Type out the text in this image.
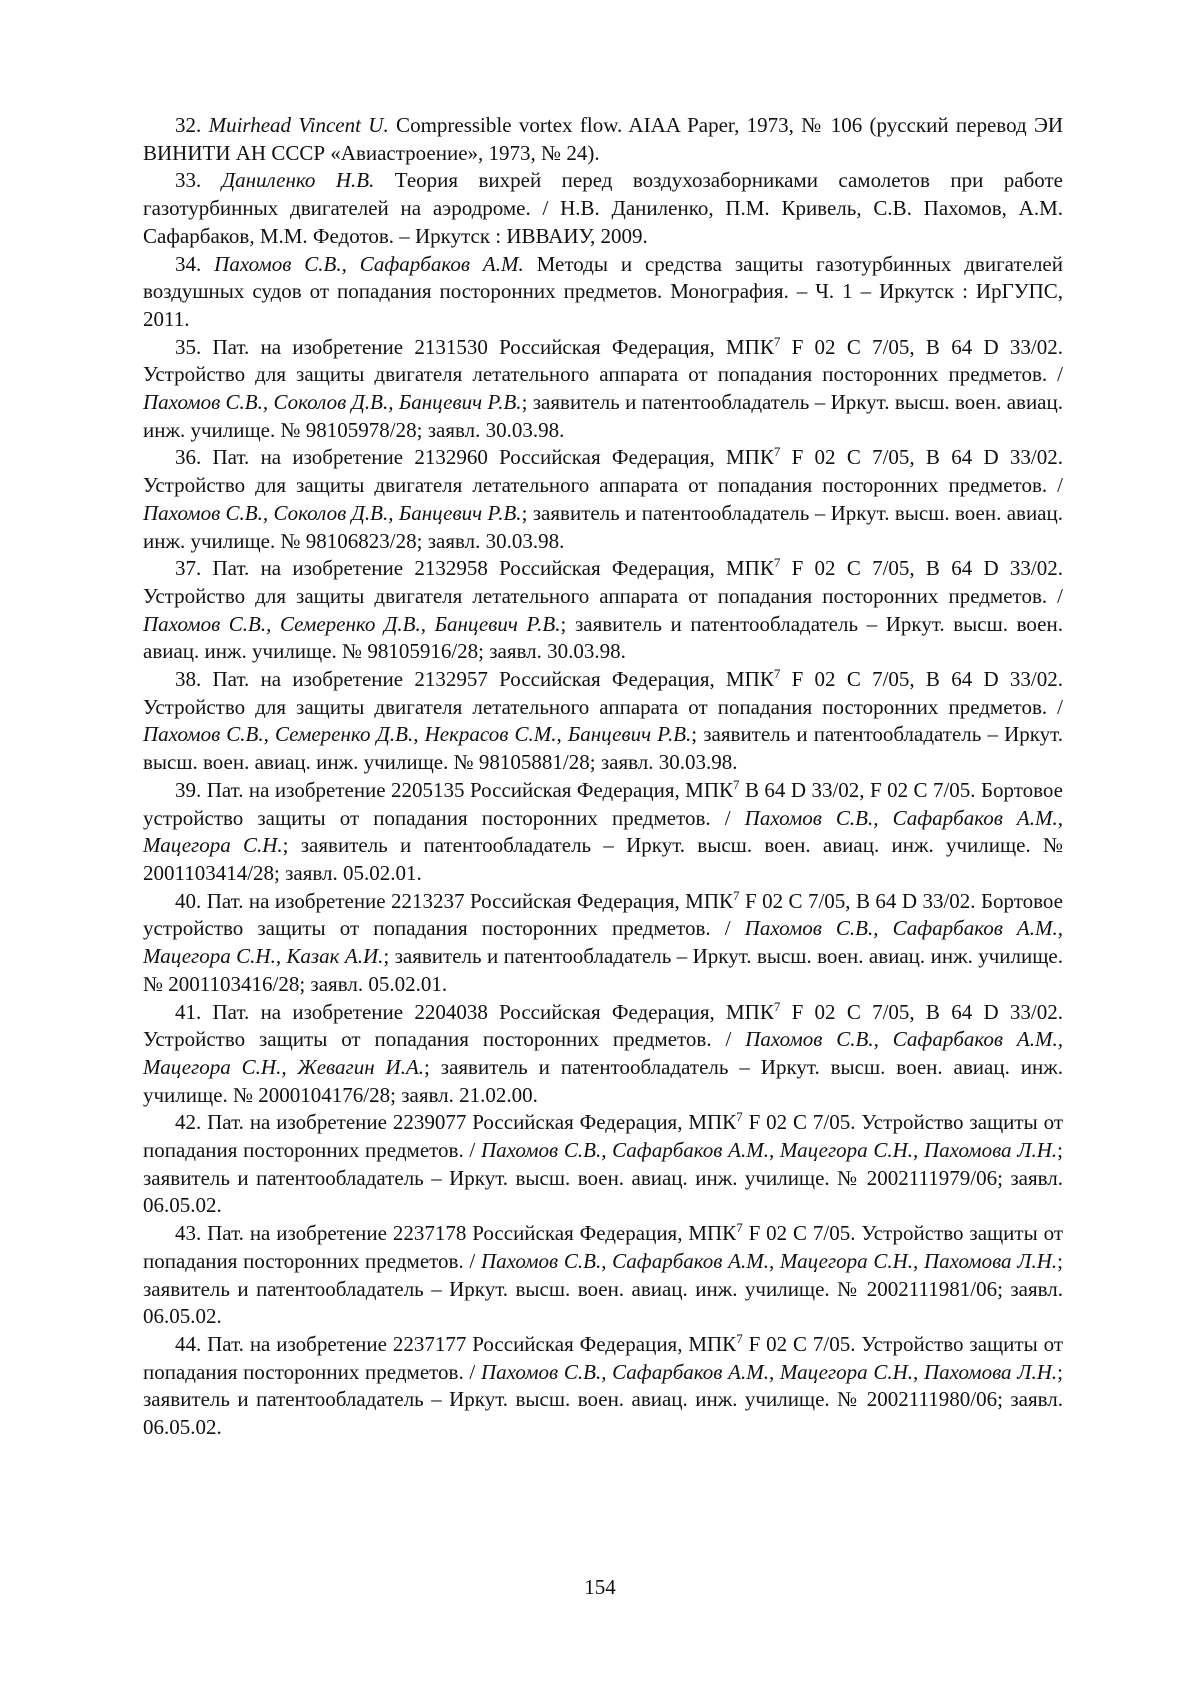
32. Muirhead Vincent U. Compressible vortex flow. AIAA Paper, 1973, № 106 (русский перевод ЭИ ВИНИТИ АН СССР «Авиастроение», 1973, № 24).

33. Даниленко Н.В. Теория вихрей перед воздухозаборниками самолетов при работе газотурбинных двигателей на аэродроме. / Н.В. Даниленко, П.М. Кривель, С.В. Пахомов, А.М. Сафарбаков, М.М. Федотов. – Иркутск : ИВВАИУ, 2009.

34. Пахомов С.В., Сафарбаков А.М. Методы и средства защиты газотурбинных двигателей воздушных судов от попадания посторонних предметов. Монография. – Ч. 1 – Иркутск : ИрГУПС, 2011.

35. Пат. на изобретение 2131530 Российская Федерация, МПК$^7$ F 02 C 7/05, B 64 D 33/02. Устройство для защиты двигателя летательного аппарата от попадания посторонних предметов. / Пахомов С.В., Соколов Д.В., Банцевич Р.В.; заявитель и патентообладатель – Иркут. высш. воен. авиац. инж. училище. № 98105978/28; заявл. 30.03.98.

36. Пат. на изобретение 2132960 Российская Федерация, МПК$^7$ F 02 C 7/05, B 64 D 33/02. Устройство для защиты двигателя летательного аппарата от попадания посторонних предметов. / Пахомов С.В., Соколов Д.В., Банцевич Р.В.; заявитель и патентообладатель – Иркут. высш. воен. авиац. инж. училище. № 98106823/28; заявл. 30.03.98.

37. Пат. на изобретение 2132958 Российская Федерация, МПК$^7$ F 02 C 7/05, B 64 D 33/02. Устройство для защиты двигателя летательного аппарата от попадания посторонних предметов. / Пахомов С.В., Семеренко Д.В., Банцевич Р.В.; заявитель и патентообладатель – Иркут. высш. воен. авиац. инж. училище. № 98105916/28; заявл. 30.03.98.

38. Пат. на изобретение 2132957 Российская Федерация, МПК$^7$ F 02 C 7/05, B 64 D 33/02. Устройство для защиты двигателя летательного аппарата от попадания посторонних предметов. / Пахомов С.В., Семеренко Д.В., Некрасов С.М., Банцевич Р.В.; заявитель и патентообладатель – Иркут. высш. воен. авиац. инж. училище. № 98105881/28; заявл. 30.03.98.

39. Пат. на изобретение 2205135 Российская Федерация, МПК$^7$ B 64 D 33/02, F 02 C 7/05. Бортовое устройство защиты от попадания посторонних предметов. / Пахомов С.В., Сафарбаков А.М., Мацегора С.Н.; заявитель и патентообладатель – Иркут. высш. воен. авиац. инж. училище. № 2001103414/28; заявл. 05.02.01.

40. Пат. на изобретение 2213237 Российская Федерация, МПК$^7$ F 02 C 7/05, B 64 D 33/02. Бортовое устройство защиты от попадания посторонних предметов. / Пахомов С.В., Сафарбаков А.М., Мацегора С.Н., Казак А.И.; заявитель и патентообладатель – Иркут. высш. воен. авиац. инж. училище. № 2001103416/28; заявл. 05.02.01.

41. Пат. на изобретение 2204038 Российская Федерация, МПК$^7$ F 02 C 7/05, B 64 D 33/02. Устройство защиты от попадания посторонних предметов. / Пахомов С.В., Сафарбаков А.М., Мацегора С.Н., Жевагин И.А.; заявитель и патентообладатель – Иркут. высш. воен. авиац. инж. училище. № 2000104176/28; заявл. 21.02.00.

42. Пат. на изобретение 2239077 Российская Федерация, МПК$^7$ F 02 C 7/05. Устройство защиты от попадания посторонних предметов. / Пахомов С.В., Сафарбаков А.М., Мацегора С.Н., Пахомова Л.Н.; заявитель и патентообладатель – Иркут. высш. воен. авиац. инж. училище. № 2002111979/06; заявл. 06.05.02.

43. Пат. на изобретение 2237178 Российская Федерация, МПК$^7$ F 02 C 7/05. Устройство защиты от попадания посторонних предметов. / Пахомов С.В., Сафарбаков А.М., Мацегора С.Н., Пахомова Л.Н.; заявитель и патентообладатель – Иркут. высш. воен. авиац. инж. училище. № 2002111981/06; заявл. 06.05.02.

44. Пат. на изобретение 2237177 Российская Федерация, МПК$^7$ F 02 C 7/05. Устройство защиты от попадания посторонних предметов. / Пахомов С.В., Сафарбаков А.М., Мацегора С.Н., Пахомова Л.Н.; заявитель и патентообладатель – Иркут. высш. воен. авиац. инж. училище. № 2002111980/06; заявл. 06.05.02.

154
